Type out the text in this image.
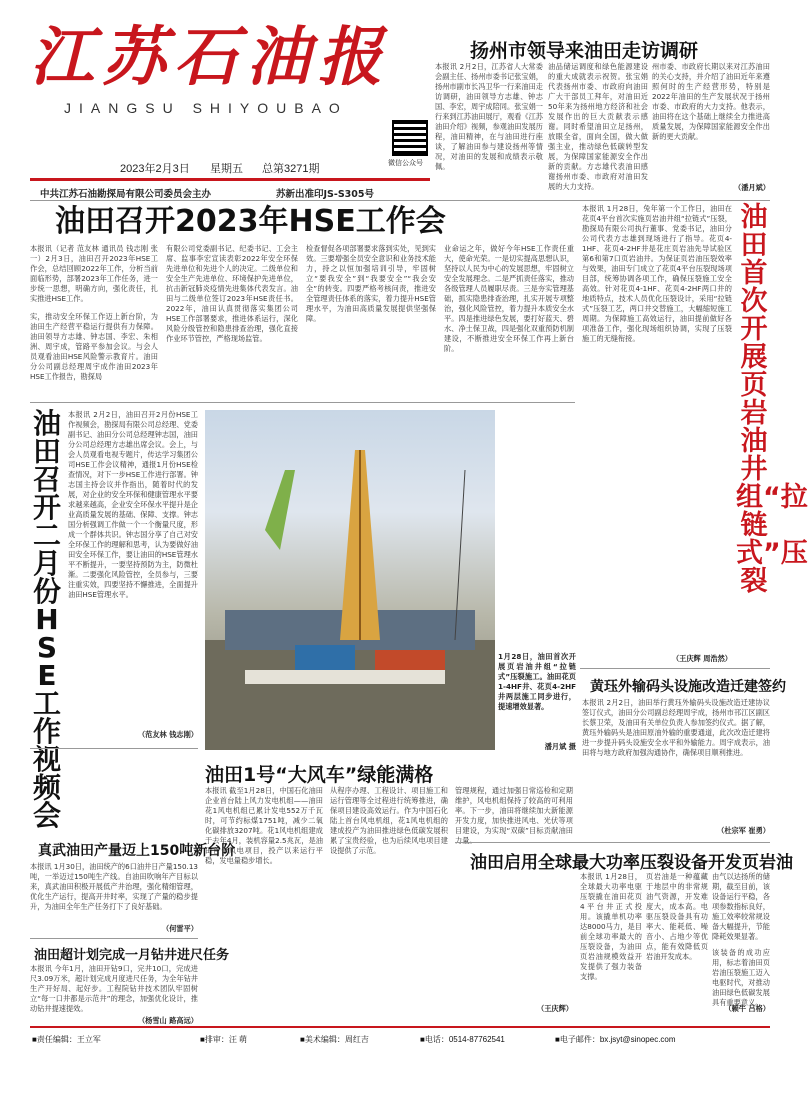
江苏石油报
JIANGSU SHIYOUBAO
微信公众号
2023年2月3日 星期五 总第3271期
中共江苏石油勘探局有限公司委员会主办	苏新出准印JS-S305号
扬州市领导来油田走访调研
本报讯 2月2日，江苏省人大常委会副主任、扬州市委书记张宝娟，扬州市副市长冯卫华一行来油田走访调研，油田领导方志雄、钟志国、李宏，周宇成陪同。张宝娟一行来到江苏油田展厅，观看《江苏油田介绍》视频，参观油田发展历程，油田精神，在与油田进行座谈，了解油田参与建设扬州等情况，对油田的发展和成绩表示敬佩。
油品储运调度和绿色能源建设的重大成就表示祝贺。张宝娟代表扬州市委、市政府向油田广大干部员工拜年，对油田近50年来为扬州地方经济和社会发展作出的巨大贡献表示感谢。同时希望油田立足扬州，放眼全省，面向全国，做大做强主业，推动绿色低碳转型发展，为保障国家能源安全作出新的贡献。方志雄代表油田感谢扬州市委、市政府对油田发展的大力支持。
州市委、市政府长期以来对江苏油田的关心支持，并介绍了油田近年来遵照何时的生产经营形势，特别是2022年油田的生产发展状况于扬州市委、市政府的大力支持。他表示，油田将在这个基础上继续全力推进高质量发展，为保障国家能源安全作出新的更大贡献。
（潘月斌）
油田召开2023年HSE工作会
本报讯（记者 范友林 通讯员 钱志刚 张一）2月3日，油田召开2023年HSE工作会，总结回顾2022年工作，分析当前面临形势，部署2023年工作任务，进一步统一思想，明确方向，强化责任，扎实推进HSE工作。
实，推动安全环保工作迈上新台阶，为油田生产经营平稳运行提供有力保障。油田领导方志雄、钟志国、李宏、朱相洲、周宇成，管路平参加会议。与会人员观看油田HSE风险警示教育片。油田分公司副总经理周宇成作油田2023年HSE工作报告，勘探局
有限公司党委副书记、纪委书记、工会主席、监事李宏宣读表彰2022年安全环保先进单位和先进个人的决定。二级单位和安全生产先进单位、环境保护先进单位，抗击新冠肺炎疫情先进集体代表发言。油田与二级单位签订2023年HSE责任书。2022年，油田认真贯彻落实集团公司HSE工作部署要求，推进体系运行，深化风险分级管控和隐患排查治理，强化直接作业环节管控，严格现场监管。
检查督促各项部署要求落到实处，见到实效。三要增强全员安全意识和业务技术能力，持之以恒加强培训引导，牢固树立“要我安全”到“我要安全”“我会安全”的转变。四要严格考核问责，推进安全管理责任体系的落实，着力提升HSE管理水平，为油田高质量发展提供坚强保障。
业命运之年，做好今年HSE工作责任重大，使命光荣。一是切实提高思想认识，坚持以人民为中心的发展思想，牢固树立安全发展理念。二是严抓责任落实，推动各级管理人员履职尽责。三是夯实管理基础，抓实隐患排查治理，扎实开展专项整治，强化风险管控，着力提升本质安全水平。四是推进绿色发展，要打好蓝天、碧水、净土保卫战，四是强化双重预防机制建设，不断推进安全环保工作再上新台阶。
油田召开二月份HSE工作视频会
本报讯 2月2日，油田召开2月份HSE工作视频会，勘探局有限公司总经理、党委副书记、油田分公司总经理钟志国，油田分公司总经理方志雄出席会议。会上，与会人员观看电视专题片，传达学习集团公司HSE工作会议精神，通报1月份HSE检查情况，对下一步HSE工作进行部署。钟志国主持会议并作指出，随着时代的发展，对企业的安全环保和健康管理水平要求越来越高，企业安全环保水平提升是企业高质量发展的基础、保障、支撑。钟志国分析强调工作做一个一个衡量尺度，形成一个群体共识。钟志国分享了自己对安全环保工作的理解和思考，认为要做好油田安全环保工作，要让油田的HSE管理水平不断提升，一要坚持预防为主，防微杜渐。二要强化风险管控，全员参与，三要注重实效，四要坚持不懈推进，全面提升油田HSE管理水平。
（范友林 钱志刚）
1月28日，油田首次开展页岩油井组“拉链式”压裂施工。油田花页1-4HF井、花页4-2HF井两层施工同步进行，提速增效显著。
潘月斌 摄
油田1号“大风车”绿能满格
本报讯 截至1月28日，中国石化油田企业首台陆上风力发电机组——油田花1风电机组已累计发电552万千瓦时，可节约标煤1751吨，减少二氧化碳排放3207吨。花1风电机组建成于去年4月，装机容量2.5兆瓦，是油田首个风电项目，投产以来运行平稳，发电量稳步增长。
从程序办理、工程设计、项目施工和运行管理等全过程进行统筹推进，确保项目建设高效运行。作为中国石化陆上首台风电机组，花1风电机组的建成投产为油田推进绿色低碳发展积累了宝贵经验，也为后续风电项目建设提供了示范。
管理规程，通过加强日常巡检和定期维护，风电机组保持了较高的可利用率。下一步，油田将继续加大新能源开发力度，加快推进风电、光伏等项目建设，为实现“双碳”目标贡献油田力量。
（王庆辉）
真武油田产量迈上150吨新台阶
本报讯 1月30日，油田统产的6口油井日产量150.13吨，一举迈过150吨生产线。自油田吹响年产目标以来，真武油田积极开展低产井治理，强化精细管理，优化生产运行，提高开井时率，实现了产量的稳步提升，为油田全年生产任务打下了良好基础。
（何雷平）
油田超计划完成一月钻井进尺任务
本报讯 今年1月，油田开钻9口，完井10口，完成进尺3.09万米，超计划完成月度进尺任务，为全年钻井生产开好局、起好步。工程院钻井技术团队牢固树立“每一口井都是示范井”的理念，加强优化设计，推动钻井提速提效。
（杨雪山 路高远）
本报讯 1月28日，兔年第一个工作日，油田在花页4平台首次实施页岩油井组“拉链式”压裂，勘探局有限公司执行董事、党委书记，油田分公司代表方志雄到现场进行了指导。花页4-1HF、花页4-2HF井是花庄页岩油先导试验区第6和第7口页岩油井。为保证页岩油压裂效率与效果，油田专门成立了花页4平台压裂现场项目部，统筹协调各项工作，确保压裂施工安全高效。针对花页4-1HF、花页4-2HF两口井的地质特点，技术人员优化压裂设计，采用“拉链式”压裂工艺，两口井交替施工，大幅缩短施工周期。为保障施工高效运行，油田提前做好各项准备工作，强化现场组织协调，实现了压裂施工的无缝衔接。
油田首次开展页岩油井组“拉链式”压裂
（王庆辉 周浩然）
黄珏外输码头设施改造迁建签约
本报讯 2月2日，油田举行黄珏外输码头设施改造迁建协议签订仪式，油田分公司副总经理周宇成，扬州市邗江区副区长蔡卫荣，及油田有关单位负责人参加签约仪式。据了解，黄珏外输码头是油田原油外输的重要通道，此次改造迁建将进一步提升码头设施安全水平和外输能力。周宇成表示，油田将与地方政府加强沟通协作，确保项目顺利推进。
（杜宗军 崔勇）
油田启用全球最大功率压裂设备开发页岩油
本报讯 1月28日，全球最大功率电驱压裂撬在油田花页4平台井正式投用。该撬单机功率达8000马力，是目前全球功率最大的压裂设备，为油田页岩油规模效益开发提供了强力装备支撑。
页岩油是一种蕴藏于地层中的非常规油气资源，开发难度大，成本高。电驱压裂设备具有功率大、能耗低、噪音小、占地少等优点，能有效降低页岩油开发成本。
由气以达扬所的储期，截至目前，该设备运行平稳，各项参数指标良好，施工效率较常规设备大幅提升，节能降耗效果显著。
该装备的成功应用，标志着油田页岩油压裂施工迈入电驱时代，对推动油田绿色低碳发展具有重要意义。
（赖牛 吕格）
■责任编辑：王立军	■排审：汪 萌	■美术编辑：周红吉	■电话：0514-87762541	■电子邮件：bx.jsyt@sinopec.com
